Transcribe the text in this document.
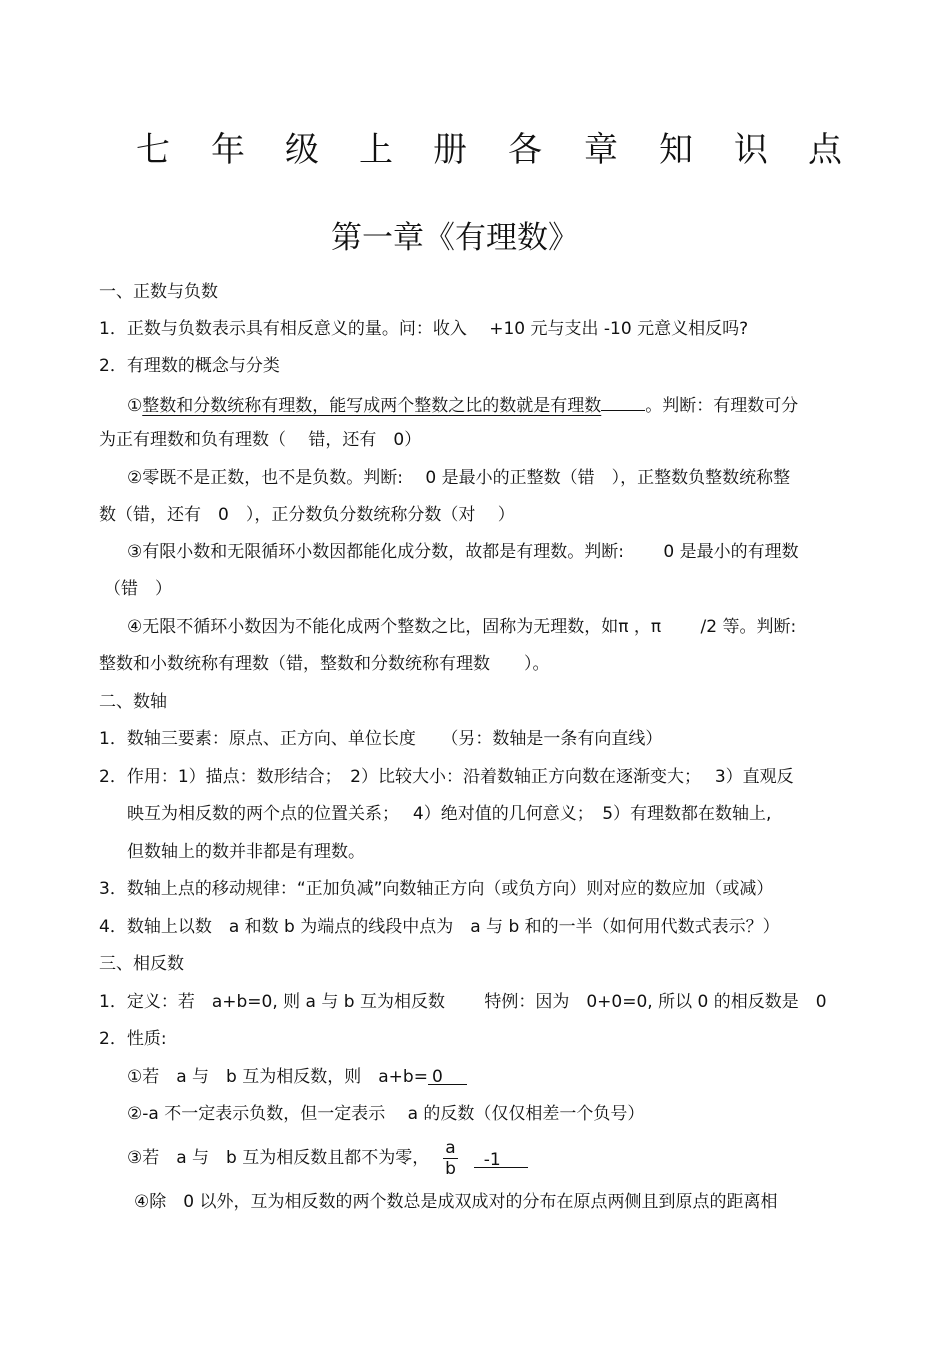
七 年 级 上 册 各 章 知 识 点
第一章《有理数》
一、正数与负数
1．正数与负数表示具有相反意义的量。问：收入　 +10 元与支出 -10 元意义相反吗?
2．有理数的概念与分类
①整数和分数统称有理数，能写成两个整数之比的数就是有理数	。判断：有理数可分
为正有理数和负有理数（　 错，还有　0）
②零既不是正数，也不是负数。判断:　 0 是最小的正整数（错　），正整数负整数统称整
数（错，还有　0　），正分数负分数统称分数（对　 ）
③有限小数和无限循环小数因都能化成分数，故都是有理数。判断:　　 0 是最小的有理数
（错　）
④无限不循环小数因为不能化成两个整数之比，固称为无理数，如π ，π　　 /2 等。判断:
整数和小数统称有理数（错，整数和分数统称有理数　　）。
二、数轴
1．数轴三要素：原点、正方向、单位长度　　（另：数轴是一条有向直线）
2．作用：1）描点：数形结合；　2）比较大小：沿着数轴正方向数在逐渐变大；　 3）直观反
映互为相反数的两个点的位置关系；　 4）绝对值的几何意义；　5）有理数都在数轴上,
但数轴上的数并非都是有理数。
3．数轴上点的移动规律：“正加负减”向数轴正方向（或负方向）则对应的数应加（或减）
4．数轴上以数　a 和数 b 为端点的线段中点为　a 与 b 和的一半（如何用代数式表示？）
三、相反数
1．定义：若　a+b=0, 则 a 与 b 互为相反数　　 特例：因为　0+0=0, 所以 0 的相反数是　0
2．性质:
①若　a 与　b 互为相反数，则　a+b= 0
②-a 不一定表示负数，但一定表示　 a 的反数（仅仅相差一个负号）
③若　a 与　b 互为相反数且都不为零， $\frac{a}{b}$	-1
④除　0 以外，互为相反数的两个数总是成双成对的分布在原点两侧且到原点的距离相
